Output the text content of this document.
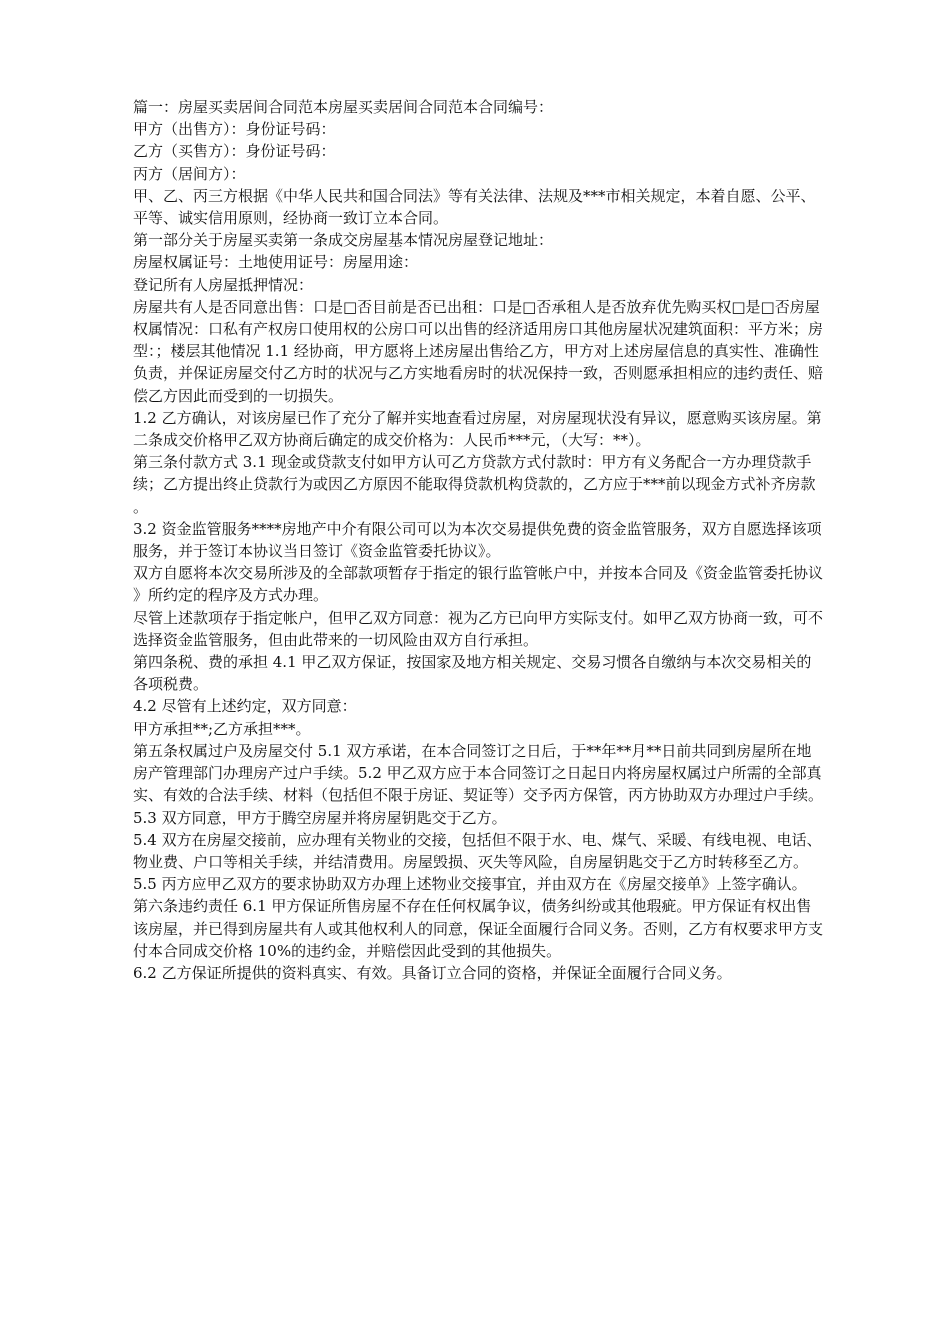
篇一：房屋买卖居间合同范本房屋买卖居间合同范本合同编号：

甲方（出售方）：身份证号码：

乙方（买售方）：身份证号码：

丙方（居间方）：

甲、乙、丙三方根据《中华人民共和国合同法》等有关法律、法规及***市相关规定，本着自愿、公平、平等、诚实信用原则，经协商一致订立本合同。

第一部分关于房屋买卖第一条成交房屋基本情况房屋登记地址：

房屋权属证号：土地使用证号：房屋用途：

登记所有人房屋抵押情况：

房屋共有人是否同意出售：口是□否目前是否已出租：口是□否承租人是否放弃优先购买权□是□否房屋权属情况：口私有产权房口使用权的公房口可以出售的经济适用房口其他房屋状况建筑面积：平方米；房型：；楼层其他情况 1.1 经协商，甲方愿将上述房屋出售给乙方，甲方对上述房屋信息的真实性、准确性负责，并保证房屋交付乙方时的状况与乙方实地看房时的状况保持一致，否则愿承担相应的违约责任、赔偿乙方因此而受到的一切损失。

1.2 乙方确认，对该房屋已作了充分了解并实地查看过房屋，对房屋现状没有异议，愿意购买该房屋。第二条成交价格甲乙双方协商后确定的成交价格为：人民币***元，（大写：**）。

第三条付款方式 3.1 现金或贷款支付如甲方认可乙方贷款方式付款时：甲方有义务配合一方办理贷款手续；乙方提出终止贷款行为或因乙方原因不能取得贷款机构贷款的，乙方应于***前以现金方式补齐房款。

3.2 资金监管服务****房地产中介有限公司可以为本次交易提供免费的资金监管服务，双方自愿选择该项服务，并于签订本协议当日签订《资金监管委托协议》。

双方自愿将本次交易所涉及的全部款项暂存于指定的银行监管帐户中，并按本合同及《资金监管委托协议》所约定的程序及方式办理。

尽管上述款项存于指定帐户，但甲乙双方同意：视为乙方已向甲方实际支付。如甲乙双方协商一致，可不选择资金监管服务，但由此带来的一切风险由双方自行承担。

第四条税、费的承担 4.1 甲乙双方保证，按国家及地方相关规定、交易习惯各自缴纳与本次交易相关的各项税费。

4.2 尽管有上述约定，双方同意：

甲方承担**;乙方承担***。

第五条权属过户及房屋交付 5.1 双方承诺，在本合同签订之日后，于**年**月**日前共同到房屋所在地房产管理部门办理房产过户手续。5.2 甲乙双方应于本合同签订之日起日内将房屋权属过户所需的全部真实、有效的合法手续、材料（包括但不限于房证、契证等）交予丙方保管，丙方协助双方办理过户手续。

5.3 双方同意，甲方于腾空房屋并将房屋钥匙交于乙方。

5.4 双方在房屋交接前，应办理有关物业的交接，包括但不限于水、电、煤气、采暖、有线电视、电话、物业费、户口等相关手续，并结清费用。房屋毁损、灭失等风险，自房屋钥匙交于乙方时转移至乙方。

5.5 丙方应甲乙双方的要求协助双方办理上述物业交接事宜，并由双方在《房屋交接单》上签字确认。

第六条违约责任 6.1 甲方保证所售房屋不存在任何权属争议，债务纠纷或其他瑕疵。甲方保证有权出售该房屋，并已得到房屋共有人或其他权利人的同意，保证全面履行合同义务。否则，乙方有权要求甲方支付本合同成交价格 10%的违约金，并赔偿因此受到的其他损失。

6.2 乙方保证所提供的资料真实、有效。具备订立合同的资格，并保证全面履行合同义务。
